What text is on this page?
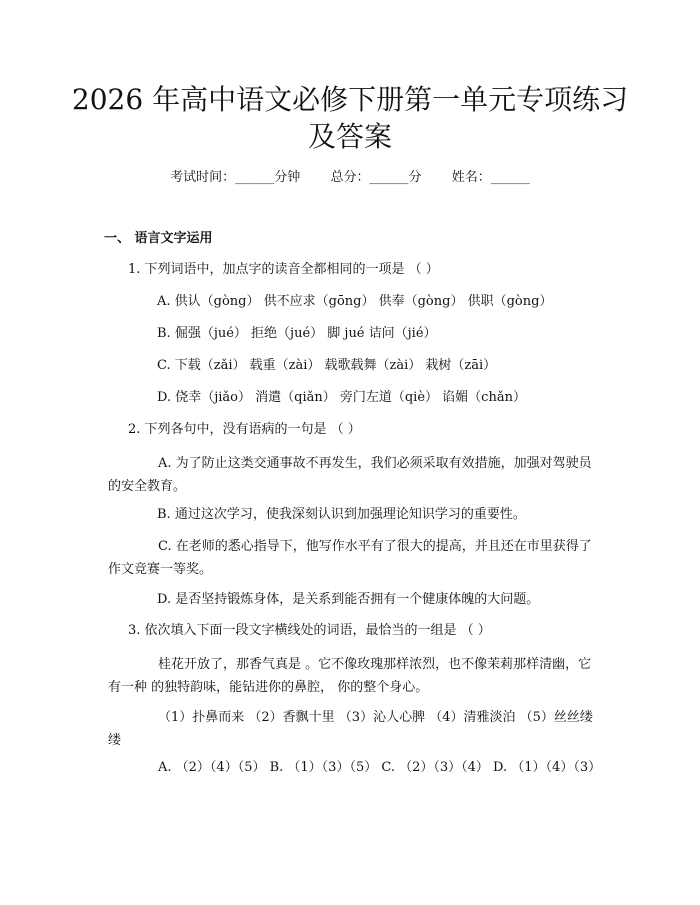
2026 年高中语文必修下册第一单元专项练习
及答案
考试时间：______分钟 总分：______分 姓名：______
一、 语言文字运用
1. 下列词语中，加点字的读音全都相同的一项是 （ ）
A. 供认（gòng） 供不应求（gōng） 供奉（gòng） 供职（gòng）
B. 倔强（jué） 拒绝（jué） 脚 jué 诘问（jié）
C. 下载（zǎi） 载重（zài） 载歌载舞（zài） 栽树（zāi）
D. 侥幸（jiǎo） 消遣（qiǎn） 旁门左道（qiè） 谄媚（chǎn）
2. 下列各句中，没有语病的一句是 （ ）
A. 为了防止这类交通事故不再发生，我们必须采取有效措施，加强对驾驶员的安全教育。
B. 通过这次学习，使我深刻认识到加强理论知识学习的重要性。
C. 在老师的悉心指导下，他写作水平有了很大的提高，并且还在市里获得了作文竞赛一等奖。
D. 是否坚持锻炼身体，是关系到能否拥有一个健康体魄的大问题。
3. 依次填入下面一段文字横线处的词语，最恰当的一组是 （ ）
桂花开放了，那香气真是 。它不像玫瑰那样浓烈，也不像茉莉那样清幽，它有一种 的独特韵味，能钻进你的鼻腔， 你的整个身心。
（1）扑鼻而来 （2）香飘十里 （3）沁人心脾 （4）清雅淡泊 （5）丝丝缕缕
A. （2）（4）（5） B. （1）（3）（5） C. （2）（3）（4） D. （1）（4）（3）
